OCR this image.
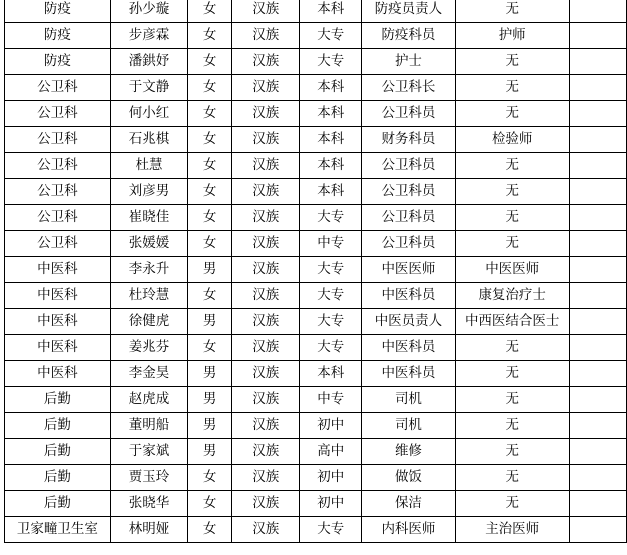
防疫	孙少璇	女	汉族	本科	防疫员责人	无	
防疫	步彦霖	女	汉族	大专	防疫科员	护师	
防疫	潘鉷妤	女	汉族	大专	护士	无	
公卫科	于文静	女	汉族	本科	公卫科长	无	
公卫科	何小红	女	汉族	本科	公卫科员	无	
公卫科	石兆棋	女	汉族	本科	财务科员	检验师	
公卫科	杜慧	女	汉族	本科	公卫科员	无	
公卫科	刘彦男	女	汉族	本科	公卫科员	无	
公卫科	崔晓佳	女	汉族	大专	公卫科员	无	
公卫科	张媛媛	女	汉族	中专	公卫科员	无	
中医科	李永升	男	汉族	大专	中医医师	中医医师	
中医科	杜玲慧	女	汉族	大专	中医科员	康复治疗士	
中医科	徐健虎	男	汉族	大专	中医员责人	中西医结合医士	
中医科	姜兆芬	女	汉族	大专	中医科员	无	
中医科	李金昊	男	汉族	本科	中医科员	无	
后勤	赵虎成	男	汉族	中专	司机	无	
后勤	董明船	男	汉族	初中	司机	无	
后勤	于家斌	男	汉族	高中	维修	无	
后勤	贾玉玲	女	汉族	初中	做饭	无	
后勤	张晓华	女	汉族	初中	保洁	无	
卫家疃卫生室	林明娅	女	汉族	大专	内科医师	主治医师	
